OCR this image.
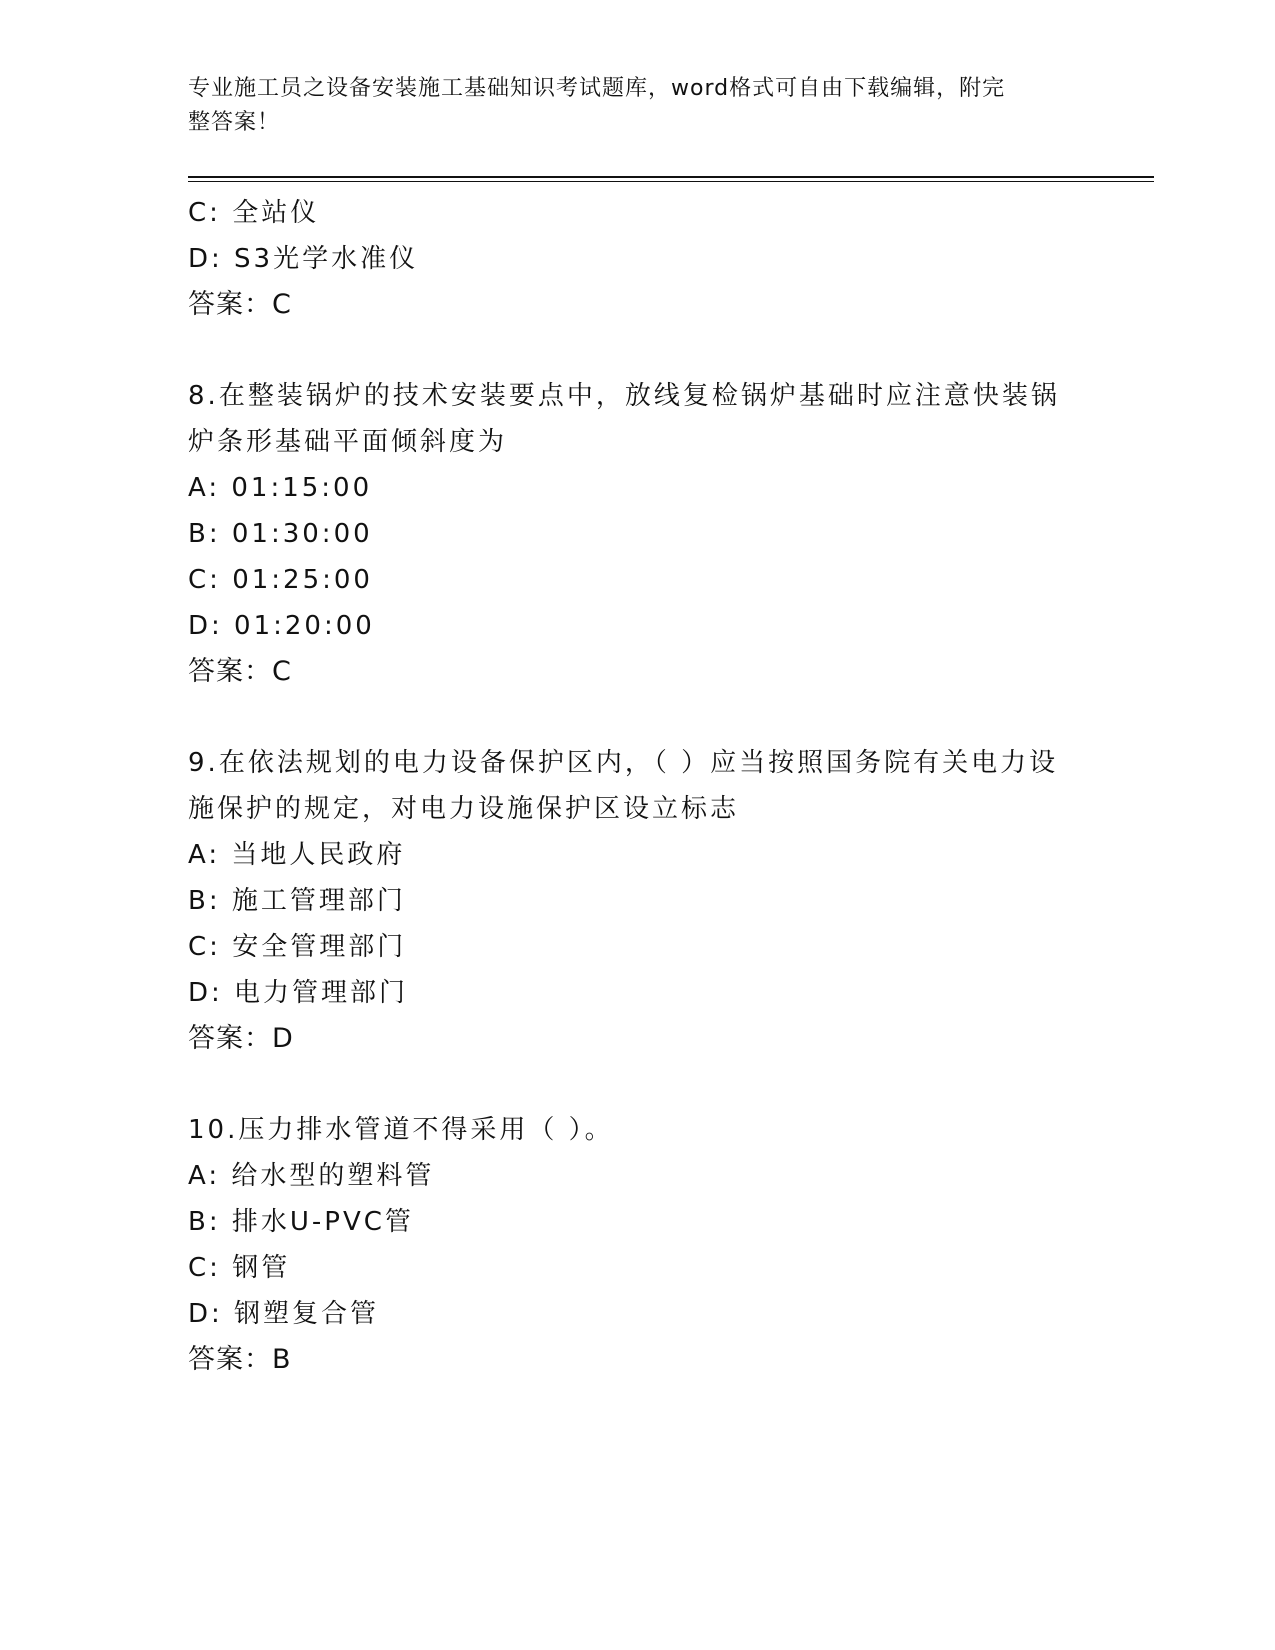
专业施工员之设备安装施工基础知识考试题库，word格式可自由下载编辑，附完
整答案！
C: 全站仪
D: S3光学水准仪
答案：C
8.在整装锅炉的技术安装要点中，放线复检锅炉基础时应注意快装锅
炉条形基础平面倾斜度为
A: 01:15:00
B: 01:30:00
C: 01:25:00
D: 01:20:00
答案：C
9.在依法规划的电力设备保护区内，（ ）应当按照国务院有关电力设
施保护的规定，对电力设施保护区设立标志
A: 当地人民政府
B: 施工管理部门
C: 安全管理部门
D: 电力管理部门
答案：D
10.压力排水管道不得采用（ ）。
A: 给水型的塑料管
B: 排水U-PVC管
C: 钢管
D: 钢塑复合管
答案：B
